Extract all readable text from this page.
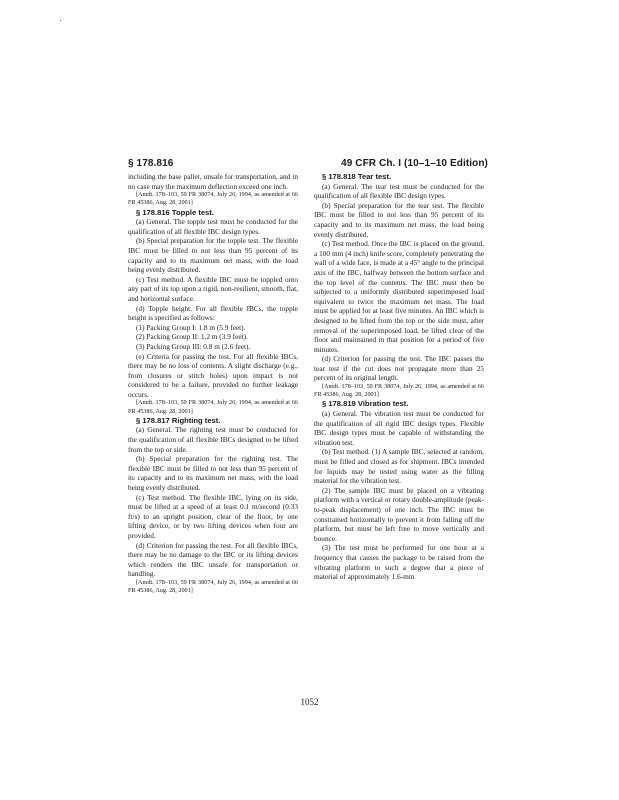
§ 178.816	49 CFR Ch. I (10–1–10 Edition)

including the base pallet, unsafe for transportation, and in no case may the maximum deflection exceed one inch.

[Amdt. 178–103, 59 FR 38074, July 26, 1994, as amended at 66 FR 45386, Aug. 28, 2001]

§ 178.816 Topple test.

(a) General. The topple test must be conducted for the qualification of all flexible IBC design types.

(b) Special preparation for the topple test. The flexible IBC must be filled to not less than 95 percent of its capacity and to its maximum net mass, with the load being evenly distributed.

(c) Test method. A flexible IBC must be toppled onto any part of its top upon a rigid, non-resilient, smooth, flat, and horizontal surface.

(d) Topple height. For all flexible IBCs, the topple height is specified as follows:

(1) Packing Group I: 1.8 m (5.9 feet).

(2) Packing Group II: 1.2 m (3.9 feet).

(3) Packing Group III: 0.8 m (2.6 feet).

(e) Criteria for passing the test. For all flexible IBCs, there may be no loss of contents. A slight discharge (e.g., from closures or stitch holes) upon impact is not considered to be a failure, provided no further leakage occurs.

[Amdt. 178–103, 59 FR 38074, July 26, 1994, as amended at 66 FR 45386, Aug. 28, 2001]

§ 178.817 Righting test.

(a) General. The righting test must be conducted for the qualification of all flexible IBCs designed to be lifted from the top or side.

(b) Special preparation for the righting test. The flexible IBC must be filled to not less than 95 percent of its capacity and to its maximum net mass, with the load being evenly distributed.

(c) Test method. The flexible IBC, lying on its side, must be lifted at a speed of at least 0.1 m/second (0.33 ft/s) to an upright position, clear of the floor, by one lifting device, or by two lifting devices when four are provided.

(d) Criterion for passing the test. For all flexible IBCs, there may be no damage to the IBC or its lifting devices which renders the IBC unsafe for transportation or handling.

[Amdt. 178–103, 59 FR 38074, July 26, 1994, as amended at 66 FR 45386, Aug. 28, 2001]

§ 178.818 Tear test.

(a) General. The tear test must be conducted for the qualification of all flexible IBC design types.

(b) Special preparation for the tear test. The flexible IBC must be filled to not less than 95 percent of its capacity and to its maximum net mass, the load being evenly distributed.

(c) Test method. Once the IBC is placed on the ground, a 100 mm (4 inch) knife score, completely penetrating the wall of a wide face, is made at a 45° angle to the principal axis of the IBC, halfway between the bottom surface and the top level of the contents. The IBC must then be subjected to a uniformly distributed superimposed load equivalent to twice the maximum net mass. The load must be applied for at least five minutes. An IBC which is designed to be lifted from the top or the side must, after removal of the superimposed load, be lifted clear of the floor and maintained in that position for a period of five minutes.

(d) Criterion for passing the test. The IBC passes the tear test if the cut does not propagate more than 25 percent of its original length.

[Amdt. 178–103, 59 FR 38074, July 26, 1994, as amended at 66 FR 45386, Aug. 28, 2001]

§ 178.819 Vibration test.

(a) General. The vibration test must be conducted for the qualification of all rigid IBC design types. Flexible IBC design types must be capable of withstanding the vibration test.

(b) Test method. (1) A sample IBC, selected at random, must be filled and closed as for shipment. IBCs intended for liquids may be tested using water as the filling material for the vibration test.

(2) The sample IBC must be placed on a vibrating platform with a vertical or rotary double-amplitude (peak-to-peak displacement) of one inch. The IBC must be constrained horizontally to prevent it from falling off the platform, but must be left free to move vertically and bounce.

(3) The test must be performed for one hour at a frequency that causes the package to be raised from the vibrating platform to such a degree that a piece of material of approximately 1.6-mm

1052
